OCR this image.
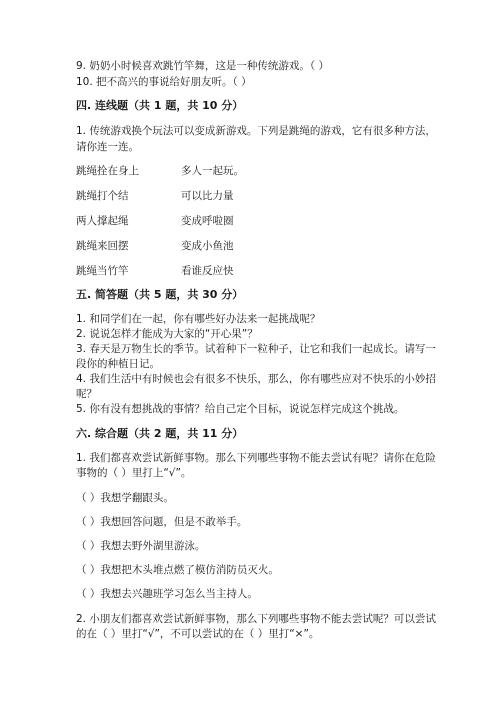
9. 奶奶小时候喜欢跳竹竿舞，这是一种传统游戏。（ ）
10. 把不高兴的事说给好朋友听。（ ）
四. 连线题（共 1 题，共 10 分）
1. 传统游戏换个玩法可以变成新游戏。下列是跳绳的游戏，它有很多种方法，
请你连一连。
跳绳拴在身上	多人一起玩。
跳绳打个结	可以比力量
两人撑起绳	变成呼啦圈
跳绳来回摆	变成小鱼池
跳绳当竹竿	看谁反应快
五. 简答题（共 5 题，共 30 分）
1. 和同学们在一起，你有哪些好办法来一起挑战呢？
2. 说说怎样才能成为大家的“开心果”？
3. 春天是万物生长的季节。试着种下一粒种子，让它和我们一起成长。请写一
段你的种植日记。
4. 我们生活中有时候也会有很多不快乐，那么，你有哪些应对不快乐的小妙招
呢？
5. 你有没有想挑战的事情？给自己定个目标，说说怎样完成这个挑战。
六. 综合题（共 2 题，共 11 分）
1. 我们都喜欢尝试新鲜事物。那么下列哪些事物不能去尝试有呢？请你在危险
事物的（ ）里打上“√”。
（ ）我想学翻跟头。
（ ）我想回答问题，但是不敢举手。
（ ）我想去野外湖里游泳。
（ ）我想把木头堆点燃了模仿消防员灭火。
（ ）我想去兴趣班学习怎么当主持人。
2. 小朋友们都喜欢尝试新鲜事物，那么下列哪些事物不能去尝试呢？可以尝试
的在（ ）里打“√”，不可以尝试的在（ ）里打“×”。
